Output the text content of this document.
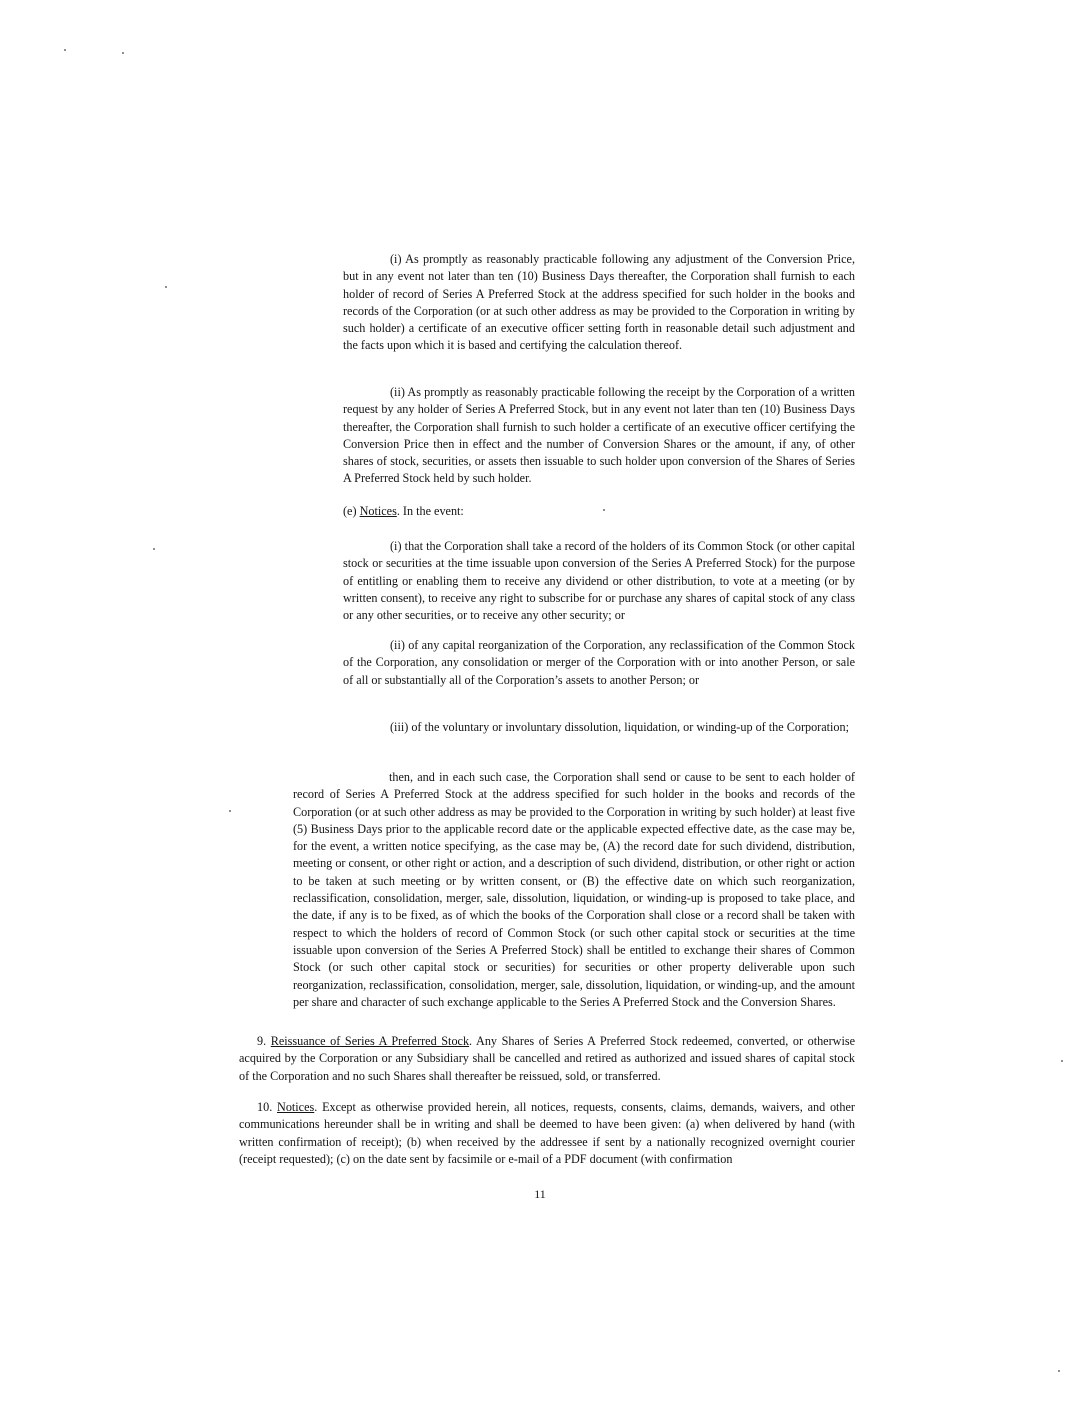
(i) As promptly as reasonably practicable following any adjustment of the Conversion Price, but in any event not later than ten (10) Business Days thereafter, the Corporation shall furnish to each holder of record of Series A Preferred Stock at the address specified for such holder in the books and records of the Corporation (or at such other address as may be provided to the Corporation in writing by such holder) a certificate of an executive officer setting forth in reasonable detail such adjustment and the facts upon which it is based and certifying the calculation thereof.

(ii) As promptly as reasonably practicable following the receipt by the Corporation of a written request by any holder of Series A Preferred Stock, but in any event not later than ten (10) Business Days thereafter, the Corporation shall furnish to such holder a certificate of an executive officer certifying the Conversion Price then in effect and the number of Conversion Shares or the amount, if any, of other shares of stock, securities, or assets then issuable to such holder upon conversion of the Shares of Series A Preferred Stock held by such holder.

(e) Notices. In the event:

(i) that the Corporation shall take a record of the holders of its Common Stock (or other capital stock or securities at the time issuable upon conversion of the Series A Preferred Stock) for the purpose of entitling or enabling them to receive any dividend or other distribution, to vote at a meeting (or by written consent), to receive any right to subscribe for or purchase any shares of capital stock of any class or any other securities, or to receive any other security; or

(ii) of any capital reorganization of the Corporation, any reclassification of the Common Stock of the Corporation, any consolidation or merger of the Corporation with or into another Person, or sale of all or substantially all of the Corporation’s assets to another Person; or

(iii) of the voluntary or involuntary dissolution, liquidation, or winding-up of the Corporation;

then, and in each such case, the Corporation shall send or cause to be sent to each holder of record of Series A Preferred Stock at the address specified for such holder in the books and records of the Corporation (or at such other address as may be provided to the Corporation in writing by such holder) at least five (5) Business Days prior to the applicable record date or the applicable expected effective date, as the case may be, for the event, a written notice specifying, as the case may be, (A) the record date for such dividend, distribution, meeting or consent, or other right or action, and a description of such dividend, distribution, or other right or action to be taken at such meeting or by written consent, or (B) the effective date on which such reorganization, reclassification, consolidation, merger, sale, dissolution, liquidation, or winding-up is proposed to take place, and the date, if any is to be fixed, as of which the books of the Corporation shall close or a record shall be taken with respect to which the holders of record of Common Stock (or such other capital stock or securities at the time issuable upon conversion of the Series A Preferred Stock) shall be entitled to exchange their shares of Common Stock (or such other capital stock or securities) for securities or other property deliverable upon such reorganization, reclassification, consolidation, merger, sale, dissolution, liquidation, or winding-up, and the amount per share and character of such exchange applicable to the Series A Preferred Stock and the Conversion Shares.

9. Reissuance of Series A Preferred Stock. Any Shares of Series A Preferred Stock redeemed, converted, or otherwise acquired by the Corporation or any Subsidiary shall be cancelled and retired as authorized and issued shares of capital stock of the Corporation and no such Shares shall thereafter be reissued, sold, or transferred.

10. Notices. Except as otherwise provided herein, all notices, requests, consents, claims, demands, waivers, and other communications hereunder shall be in writing and shall be deemed to have been given: (a) when delivered by hand (with written confirmation of receipt); (b) when received by the addressee if sent by a nationally recognized overnight courier (receipt requested); (c) on the date sent by facsimile or e-mail of a PDF document (with confirmation

11
